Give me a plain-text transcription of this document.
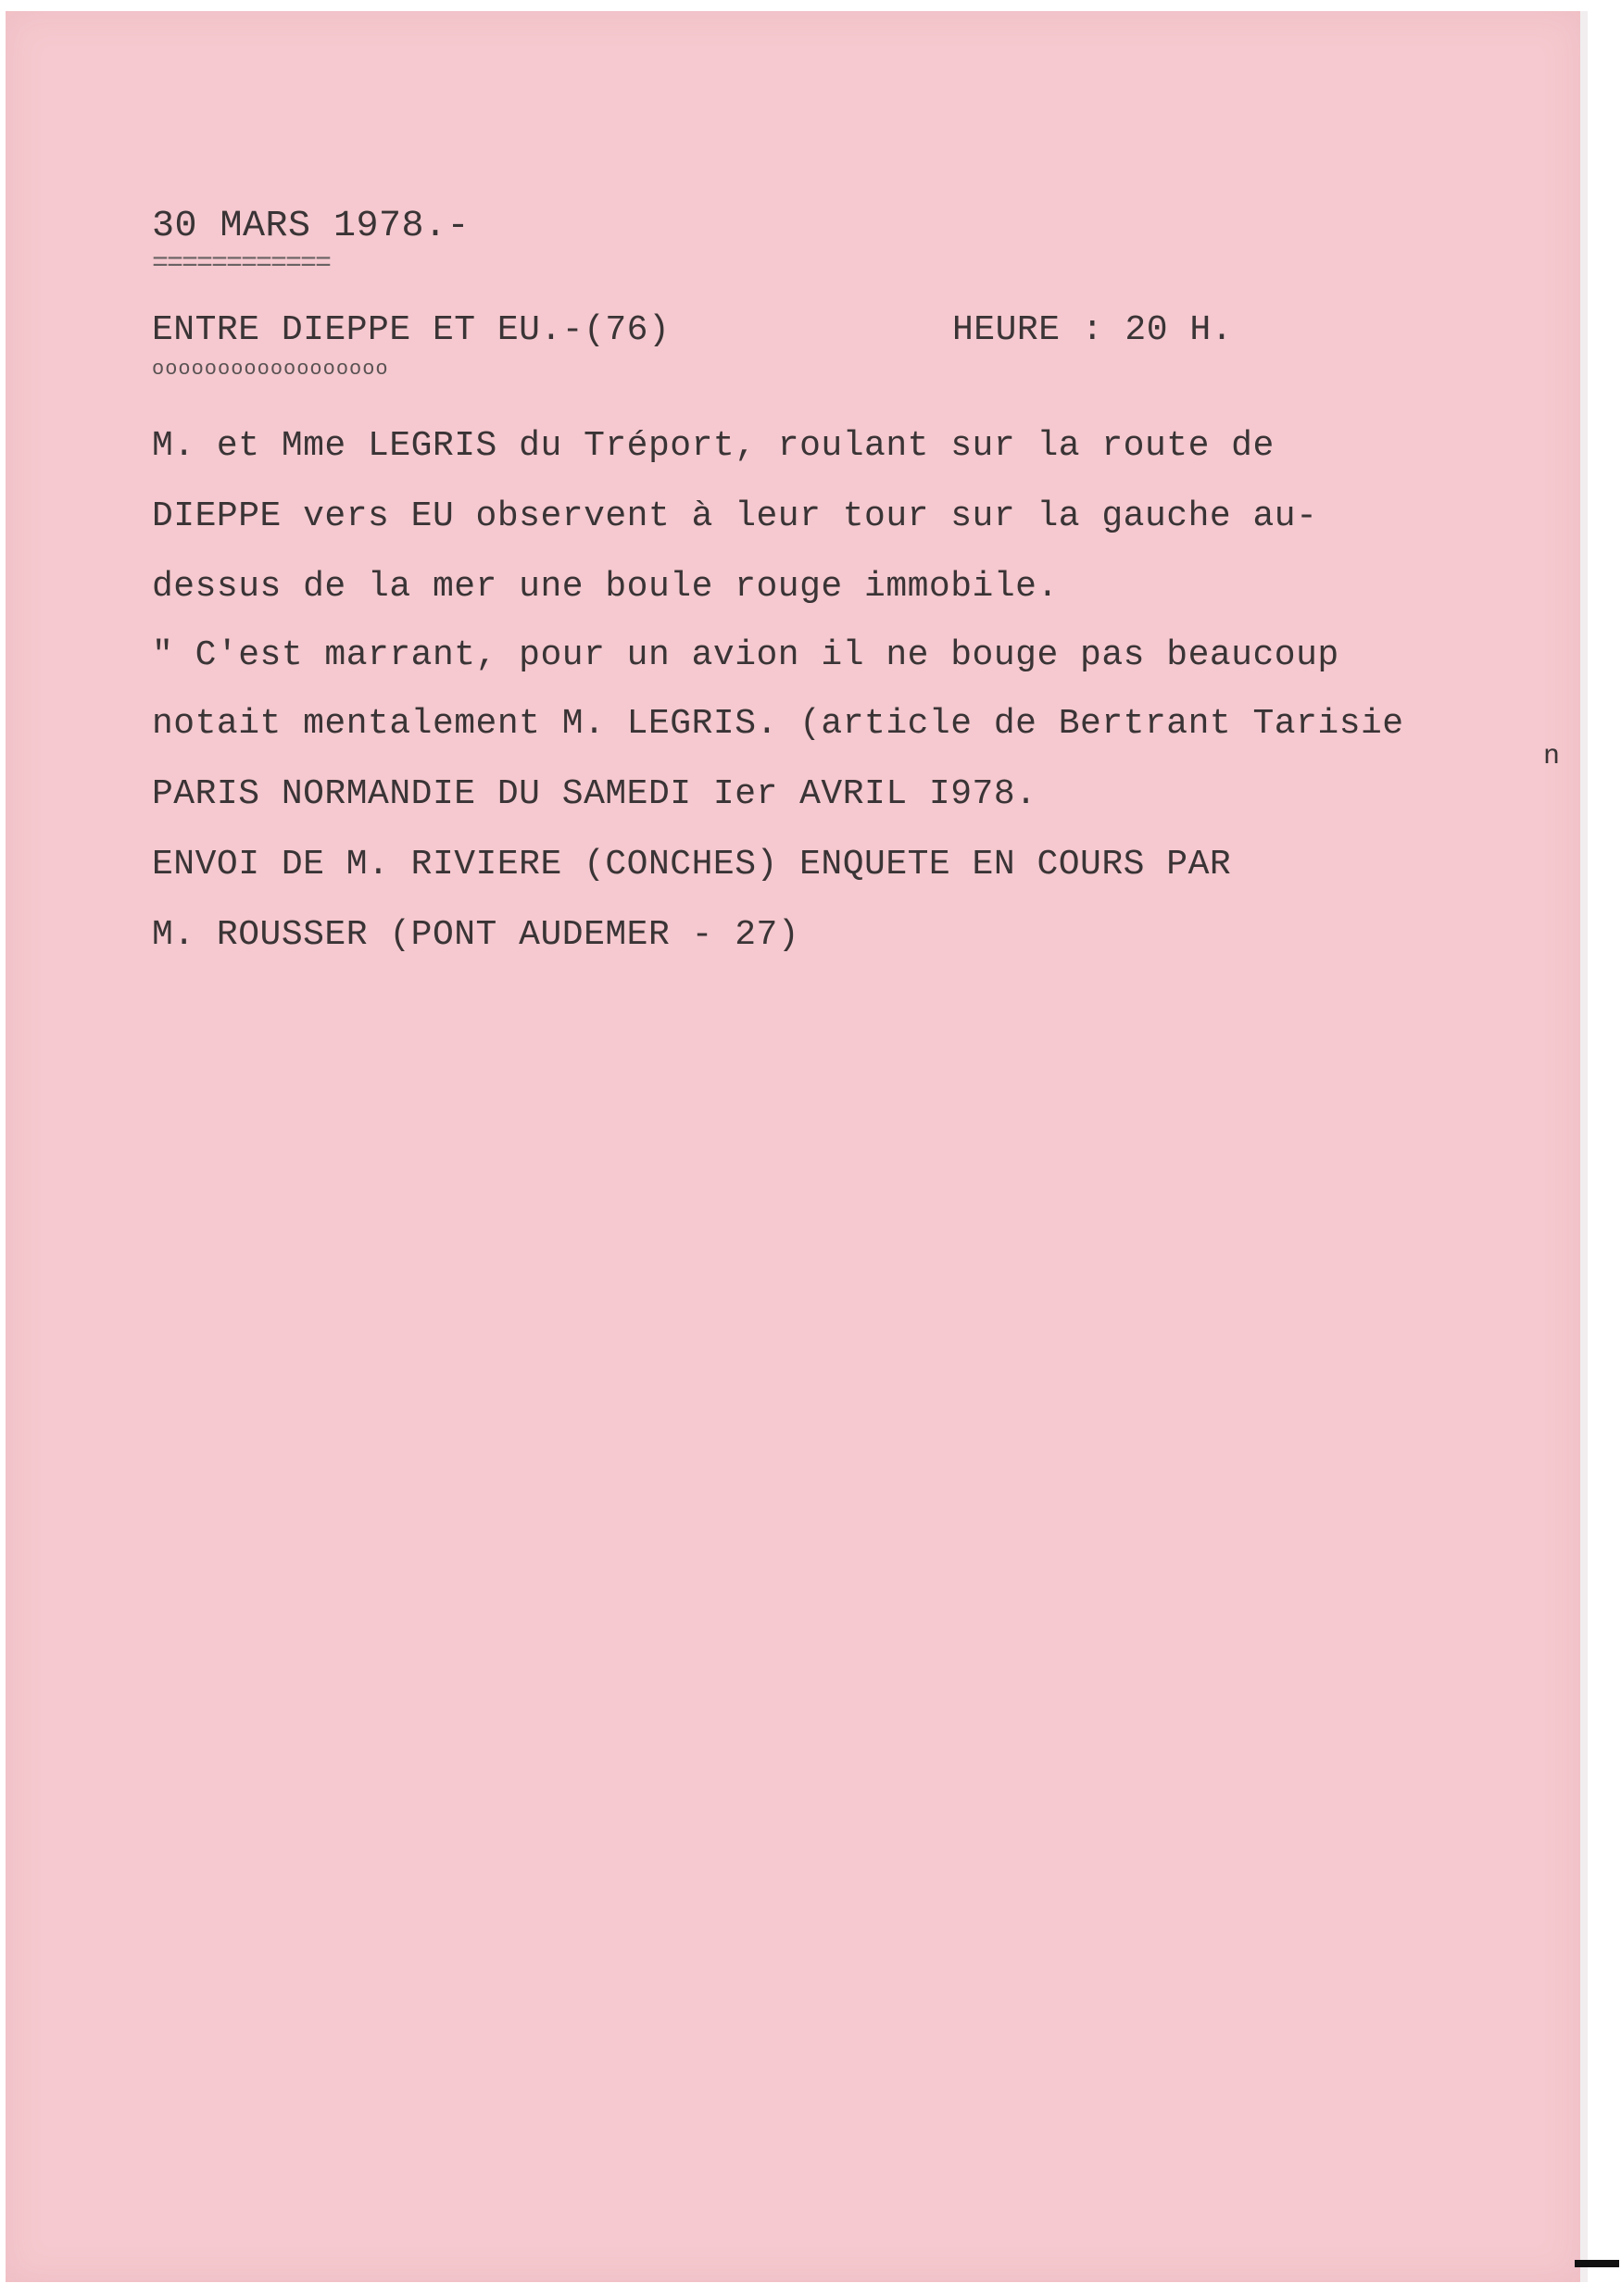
30 MARS 1978.-

============

ENTRE DIEPPE ET EU.-(76)	HEURE : 20 H.

oooooooooooooooooo

M. et Mme LEGRIS du Tréport, roulant sur la route de

DIEPPE vers EU observent à leur tour sur la gauche au-

dessus de la mer une boule rouge immobile.

" C'est marrant, pour un avion il ne bouge pas beaucoup

notait mentalement M. LEGRIS. (article de Bertrant Tarisie

n

PARIS NORMANDIE DU SAMEDI Ier AVRIL I978.

ENVOI DE M. RIVIERE (CONCHES) ENQUETE EN COURS PAR

M. ROUSSER (PONT AUDEMER - 27)
